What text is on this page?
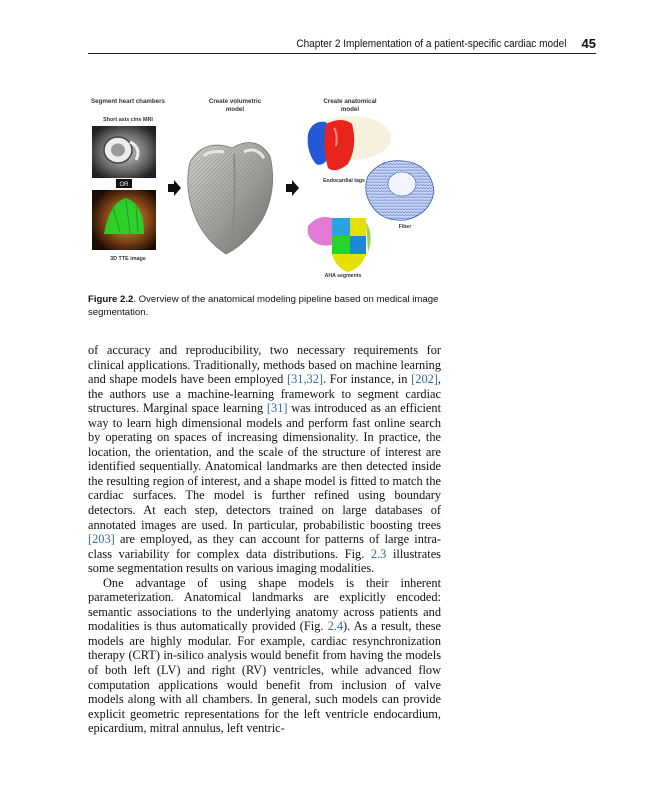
Chapter 2 Implementation of a patient-specific cardiac model 45
Segment heart chambers
Short axis cine MRI
Create volumetric
model
Create anatomical
model
Endocardial tags
Fiber
AHA segments
3D TTE image
OR
Figure 2.2. Overview of the anatomical modeling pipeline based on medical image segmentation.

of accuracy and reproducibility, two necessary requirements for clinical applications. Traditionally, methods based on machine learning and shape models have been employed [31,32]. For instance, in [202], the authors use a machine-learning framework to segment cardiac structures. Marginal space learning [31] was introduced as an efficient way to learn high dimensional models and perform fast online search by operating on spaces of increasing dimensionality. In practice, the location, the orientation, and the scale of the structure of interest are identified sequentially. Anatomical landmarks are then detected inside the resulting region of interest, and a shape model is fitted to match the cardiac surfaces. The model is further refined using boundary detectors. At each step, detectors trained on large databases of annotated images are used. In particular, probabilistic boosting trees [203] are employed, as they can account for patterns of large intra-class variability for complex data distributions. Fig. 2.3 illustrates some segmentation results on various imaging modalities.

One advantage of using shape models is their inherent parameterization. Anatomical landmarks are explicitly encoded: semantic associations to the underlying anatomy across patients and modalities is thus automatically provided (Fig. 2.4). As a result, these models are highly modular. For example, cardiac resynchronization therapy (CRT) in-silico analysis would benefit from having the models of both left (LV) and right (RV) ventricles, while advanced flow computation applications would benefit from inclusion of valve models along with all chambers. In general, such models can provide explicit geometric representations for the left ventricle endocardium, epicardium, mitral annulus, left ventric-
